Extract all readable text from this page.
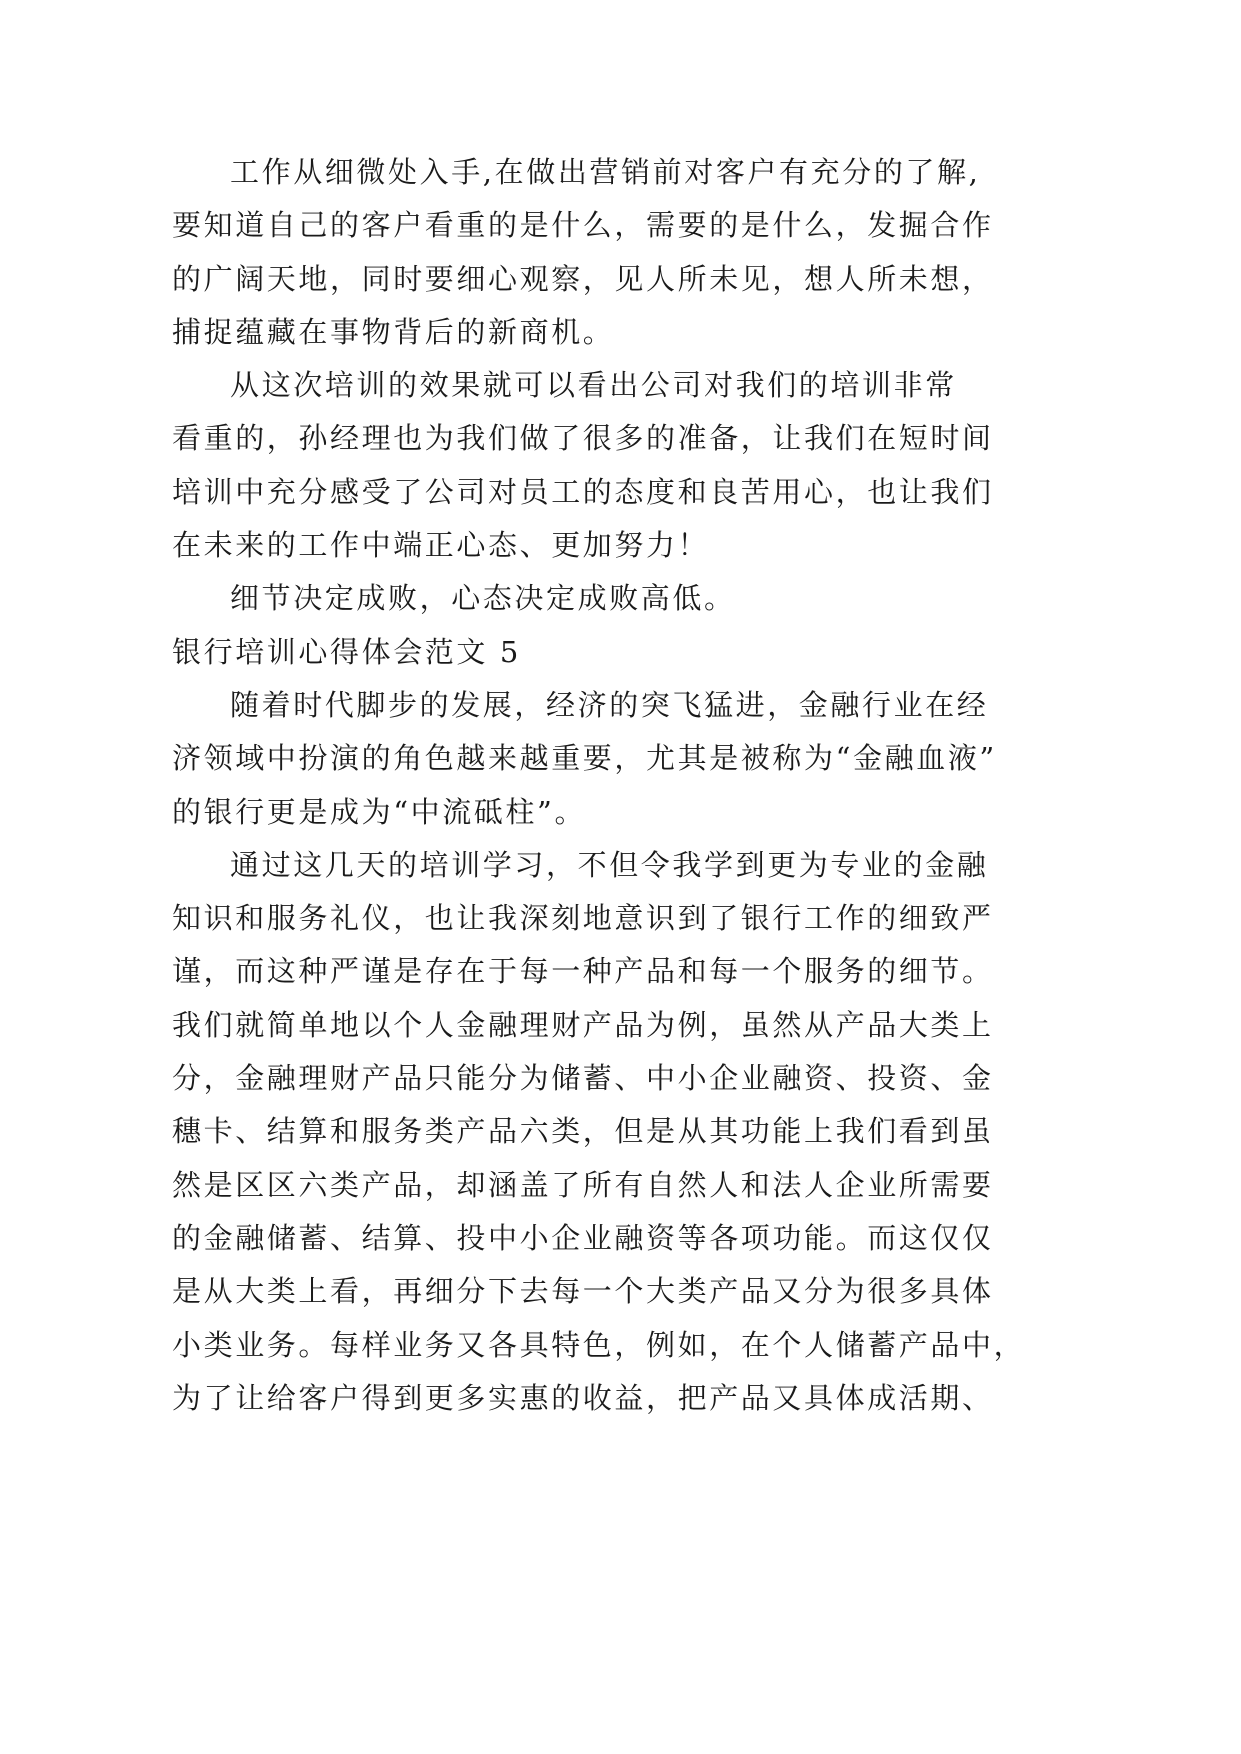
工作从细微处入手,在做出营销前对客户有充分的了解,
要知道自己的客户看重的是什么，需要的是什么，发掘合作
的广阔天地，同时要细心观察，见人所未见，想人所未想，
捕捉蕴藏在事物背后的新商机。
从这次培训的效果就可以看出公司对我们的培训非常
看重的，孙经理也为我们做了很多的准备，让我们在短时间
培训中充分感受了公司对员工的态度和良苦用心，也让我们
在未来的工作中端正心态、更加努力！
细节决定成败，心态决定成败高低。
银行培训心得体会范文 5
随着时代脚步的发展，经济的突飞猛进，金融行业在经
济领域中扮演的角色越来越重要，尤其是被称为“金融血液”
的银行更是成为“中流砥柱”。
通过这几天的培训学习，不但令我学到更为专业的金融
知识和服务礼仪，也让我深刻地意识到了银行工作的细致严
谨，而这种严谨是存在于每一种产品和每一个服务的细节。
我们就简单地以个人金融理财产品为例，虽然从产品大类上
分，金融理财产品只能分为储蓄、中小企业融资、投资、金
穗卡、结算和服务类产品六类，但是从其功能上我们看到虽
然是区区六类产品，却涵盖了所有自然人和法人企业所需要
的金融储蓄、结算、投中小企业融资等各项功能。而这仅仅
是从大类上看，再细分下去每一个大类产品又分为很多具体
小类业务。每样业务又各具特色，例如，在个人储蓄产品中，
为了让给客户得到更多实惠的收益，把产品又具体成活期、
